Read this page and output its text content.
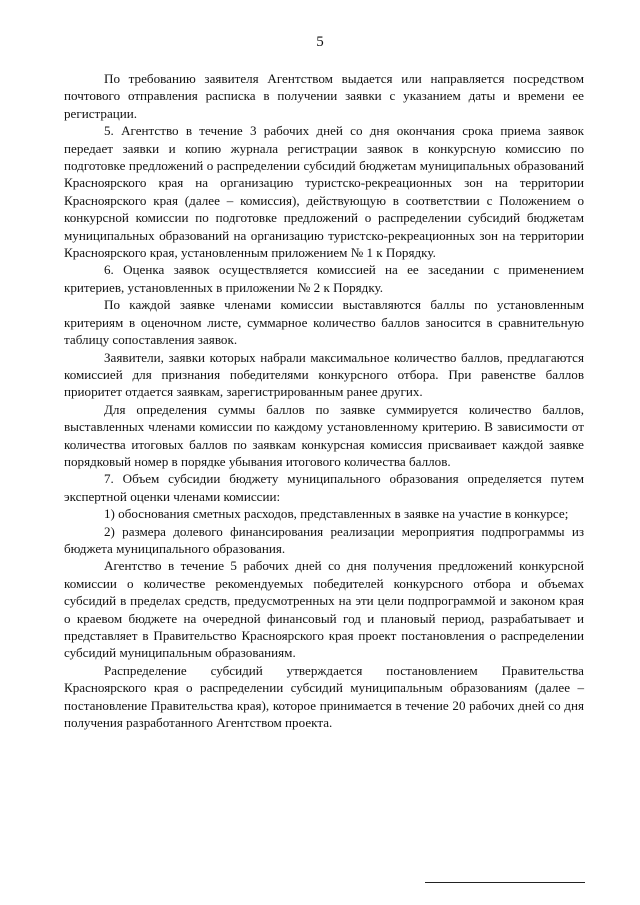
5

По требованию заявителя Агентством выдается или направляется посредством почтового отправления расписка в получении заявки с указанием даты и времени ее регистрации.

5. Агентство в течение 3 рабочих дней со дня окончания срока приема заявок передает заявки и копию журнала регистрации заявок в конкурсную комиссию по подготовке предложений о распределении субсидий бюджетам муниципальных образований Красноярского края на организацию туристско-рекреационных зон на территории Красноярского края (далее – комиссия), действующую в соответствии с Положением о конкурсной комиссии по подготовке предложений о распределении субсидий бюджетам муниципальных образований на организацию туристско-рекреационных зон на территории Красноярского края, установленным приложением № 1 к Порядку.

6. Оценка заявок осуществляется комиссией на ее заседании с применением критериев, установленных в приложении № 2 к Порядку.

По каждой заявке членами комиссии выставляются баллы по установленным критериям в оценочном листе, суммарное количество баллов заносится в сравнительную таблицу сопоставления заявок.

Заявители, заявки которых набрали максимальное количество баллов, предлагаются комиссией для признания победителями конкурсного отбора. При равенстве баллов приоритет отдается заявкам, зарегистрированным ранее других.

Для определения суммы баллов по заявке суммируется количество баллов, выставленных членами комиссии по каждому установленному критерию. В зависимости от количества итоговых баллов по заявкам конкурсная комиссия присваивает каждой заявке порядковый номер в порядке убывания итогового количества баллов.

7. Объем субсидии бюджету муниципального образования определяется путем экспертной оценки членами комиссии:

1) обоснования сметных расходов, представленных в заявке на участие в конкурсе;

2) размера долевого финансирования реализации мероприятия подпрограммы из бюджета муниципального образования.

Агентство в течение 5 рабочих дней со дня получения предложений конкурсной комиссии о количестве рекомендуемых победителей конкурсного отбора и объемах субсидий в пределах средств, предусмотренных на эти цели подпрограммой и законом края о краевом бюджете на очередной финансовый год и плановый период, разрабатывает и представляет в Правительство Красноярского края проект постановления о распределении субсидий муниципальным образованиям.

Распределение субсидий утверждается постановлением Правительства Красноярского края о распределении субсидий муниципальным образованиям (далее – постановление Правительства края), которое принимается в течение 20 рабочих дней со дня получения разработанного Агентством проекта.
